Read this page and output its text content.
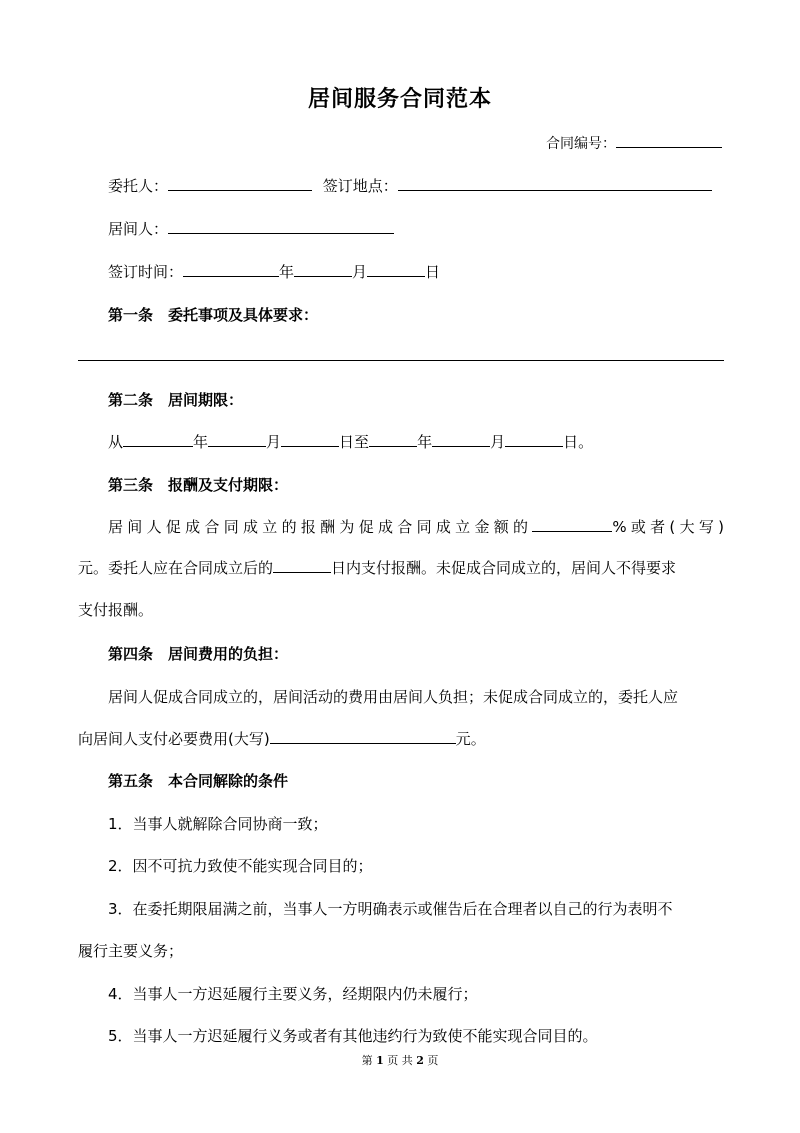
居间服务合同范本
合同编号：
委托人：	签订地点：
居间人：
签订时间：	年	月	日
第一条　委托事项及具体要求：
第二条　居间期限：
从	年	月	日至	年	月	日。
第三条　报酬及支付期限：
居间人促成合同成立的报酬为促成合同成立金额的	%或者(大写)
元。委托人应在合同成立后的	日内支付报酬。未促成合同成立的，居间人不得要求
支付报酬。
第四条　居间费用的负担：
居间人促成合同成立的，居间活动的费用由居间人负担；未促成合同成立的，委托人应
向居间人支付必要费用(大写)	元。
第五条　本合同解除的条件
1．当事人就解除合同协商一致；
2．因不可抗力致使不能实现合同目的；
3．在委托期限届满之前，当事人一方明确表示或催告后在合理者以自己的行为表明不
履行主要义务；
4．当事人一方迟延履行主要义务，经期限内仍未履行；
5．当事人一方迟延履行义务或者有其他违约行为致使不能实现合同目的。
第 1 页 共 2 页
